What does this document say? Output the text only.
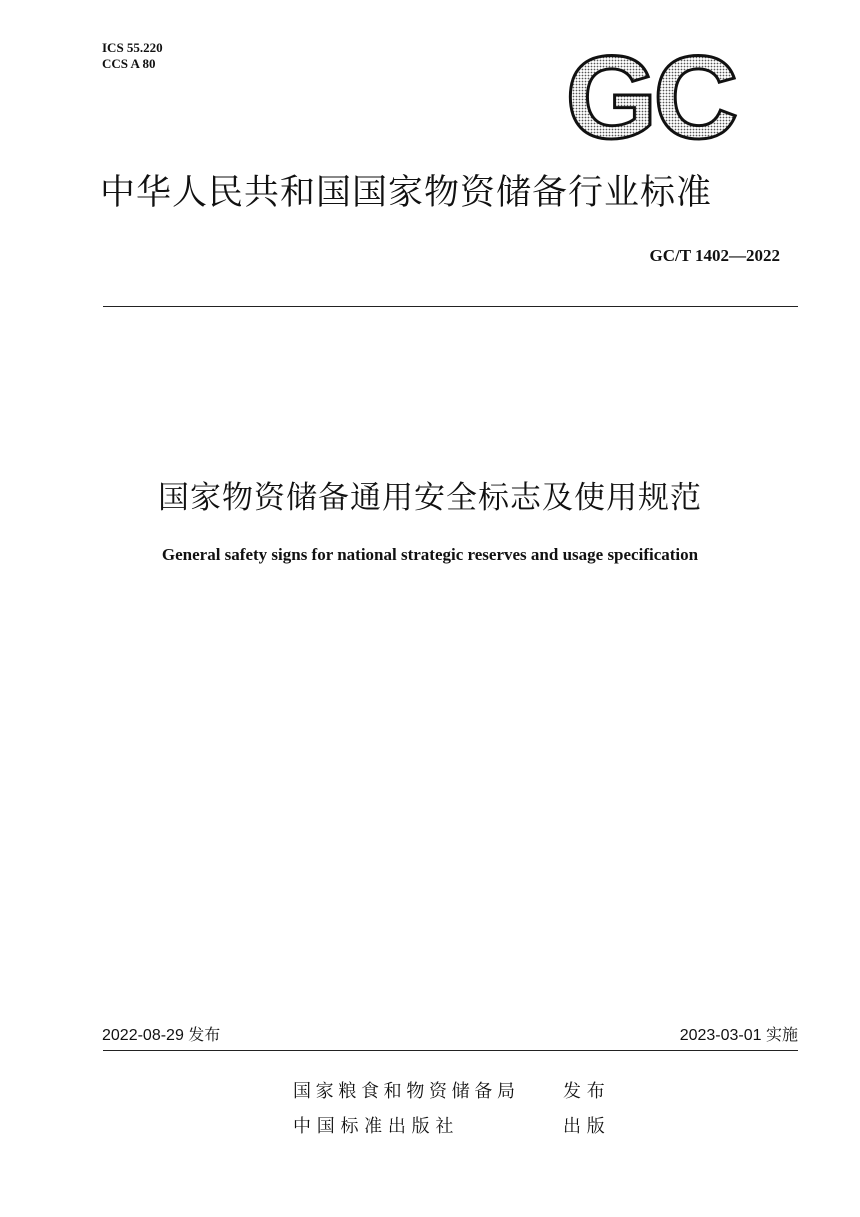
ICS 55.220
CCS A 80	GC
中华人民共和国国家物资储备行业标准
GC/T 1402—2022
国家物资储备通用安全标志及使用规范
General safety signs for national strategic reserves and usage specification
2022-08-29 发布	2023-03-01 实施
国家粮食和物资储备局	发 布
中 国 标 准 出 版 社	出 版
